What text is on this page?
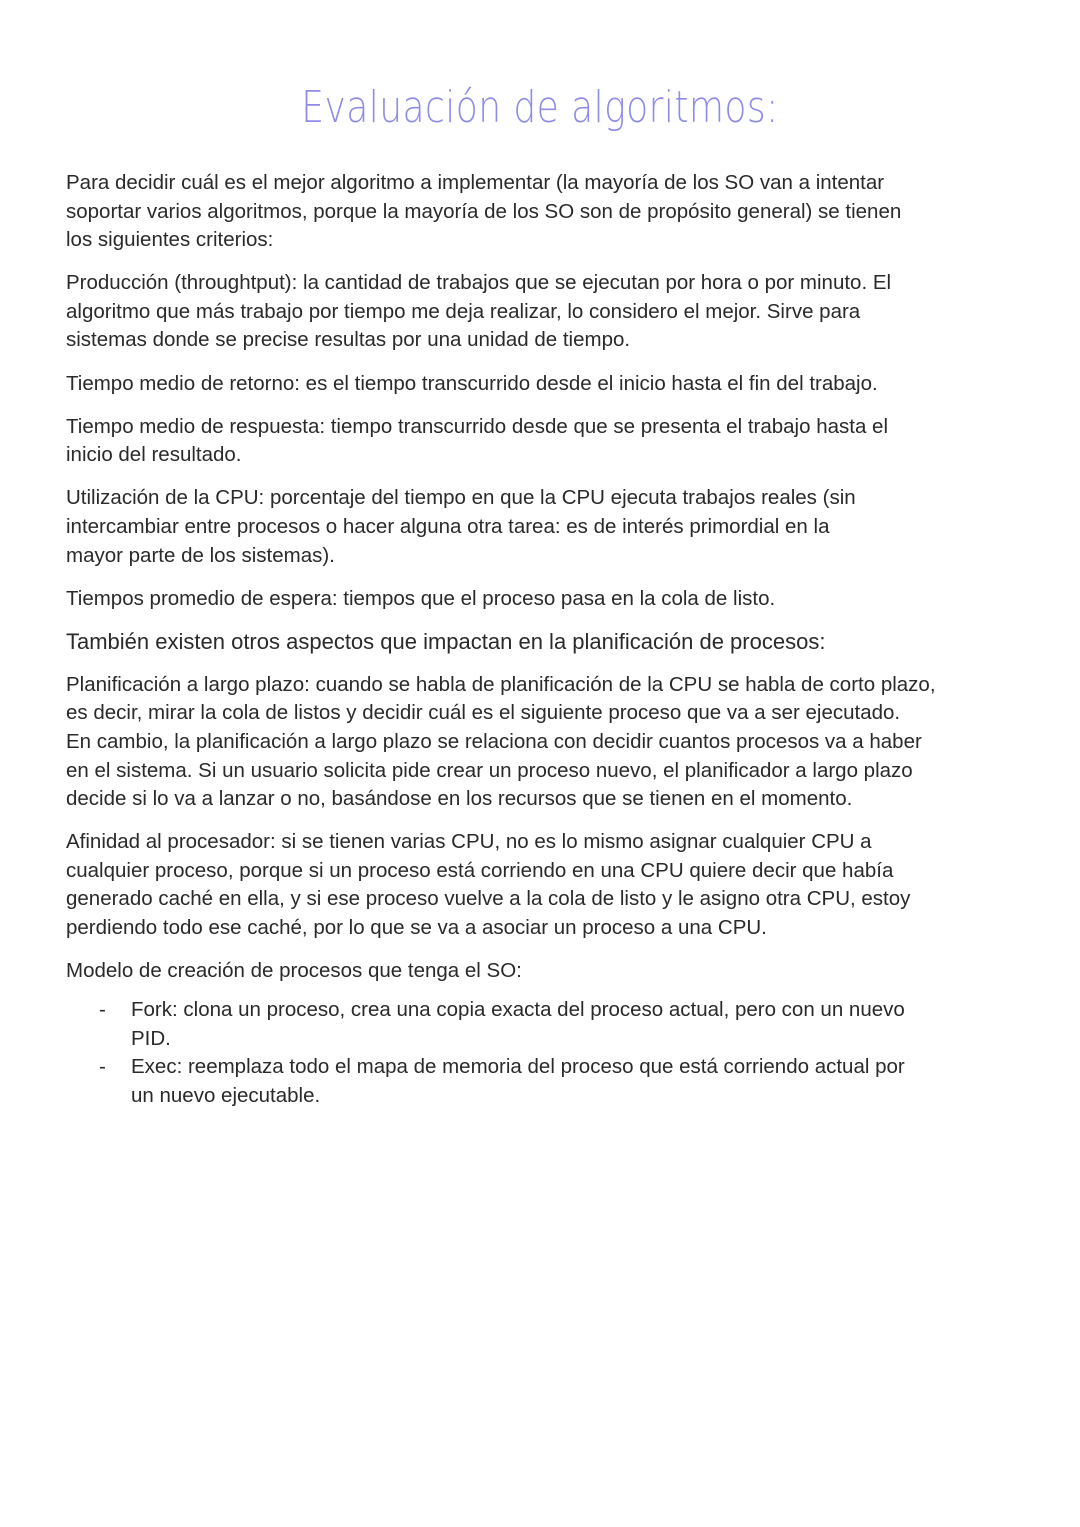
Evaluación de algoritmos:
Para decidir cuál es el mejor algoritmo a implementar (la mayoría de los SO van a intentar
soportar varios algoritmos, porque la mayoría de los SO son de propósito general) se tienen
los siguientes criterios:
Producción (throughtput): la cantidad de trabajos que se ejecutan por hora o por minuto. El
algoritmo que más trabajo por tiempo me deja realizar, lo considero el mejor. Sirve para
sistemas donde se precise resultas por una unidad de tiempo.
Tiempo medio de retorno: es el tiempo transcurrido desde el inicio hasta el fin del trabajo.
Tiempo medio de respuesta: tiempo transcurrido desde que se presenta el trabajo hasta el
inicio del resultado.
Utilización de la CPU: porcentaje del tiempo en que la CPU ejecuta trabajos reales (sin
intercambiar entre procesos o hacer alguna otra tarea: es de interés primordial en la
mayor parte de los sistemas).
Tiempos promedio de espera: tiempos que el proceso pasa en la cola de listo.
También existen otros aspectos que impactan en la planificación de procesos:
Planificación a largo plazo: cuando se habla de planificación de la CPU se habla de corto plazo,
es decir, mirar la cola de listos y decidir cuál es el siguiente proceso que va a ser ejecutado.
En cambio, la planificación a largo plazo se relaciona con decidir cuantos procesos va a haber
en el sistema. Si un usuario solicita pide crear un proceso nuevo, el planificador a largo plazo
decide si lo va a lanzar o no, basándose en los recursos que se tienen en el momento.
Afinidad al procesador: si se tienen varias CPU, no es lo mismo asignar cualquier CPU a
cualquier proceso, porque si un proceso está corriendo en una CPU quiere decir que había
generado caché en ella, y si ese proceso vuelve a la cola de listo y le asigno otra CPU, estoy
perdiendo todo ese caché, por lo que se va a asociar un proceso a una CPU.
Modelo de creación de procesos que tenga el SO:
- Fork: clona un proceso, crea una copia exacta del proceso actual, pero con un nuevo
PID.
- Exec: reemplaza todo el mapa de memoria del proceso que está corriendo actual por
un nuevo ejecutable.
